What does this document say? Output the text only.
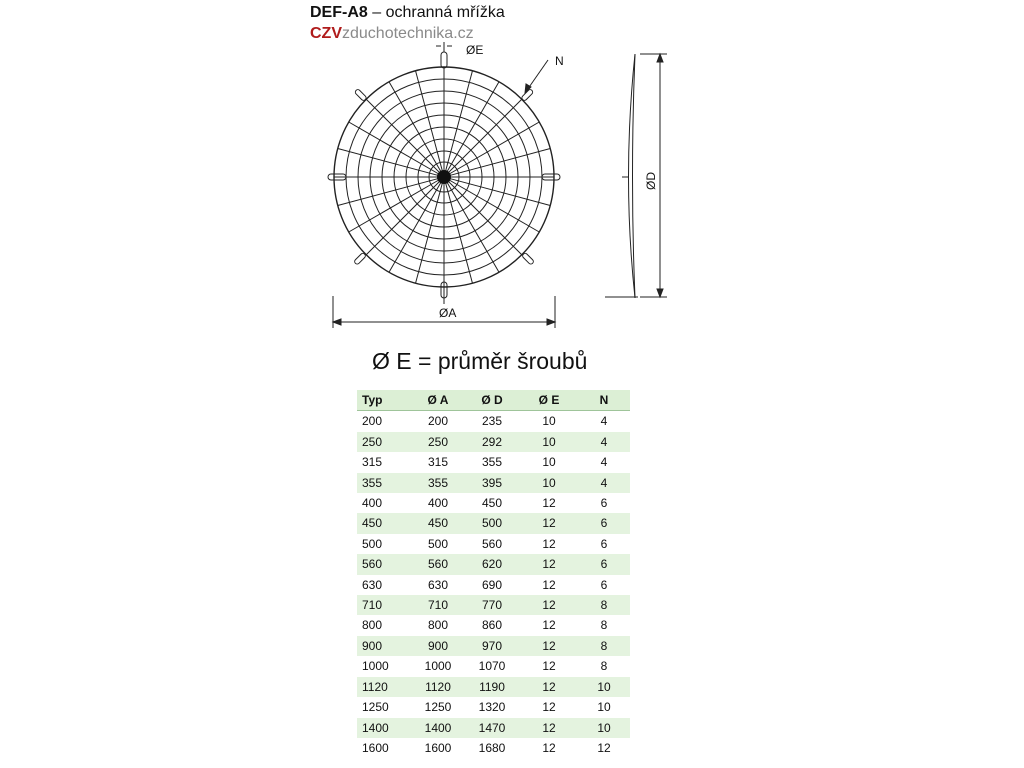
DEF-A8 – ochranná mřížka
CZVzduchotechnika.cz
ØE
N
ØA
ØD
Ø E = průměr šroubů
Typ	Ø A	Ø D	Ø E	N
200	200	235	10	4
250	250	292	10	4
315	315	355	10	4
355	355	395	10	4
400	400	450	12	6
450	450	500	12	6
500	500	560	12	6
560	560	620	12	6
630	630	690	12	6
710	710	770	12	8
800	800	860	12	8
900	900	970	12	8
1000	1000	1070	12	8
1120	1120	1190	12	10
1250	1250	1320	12	10
1400	1400	1470	12	10
1600	1600	1680	12	12
